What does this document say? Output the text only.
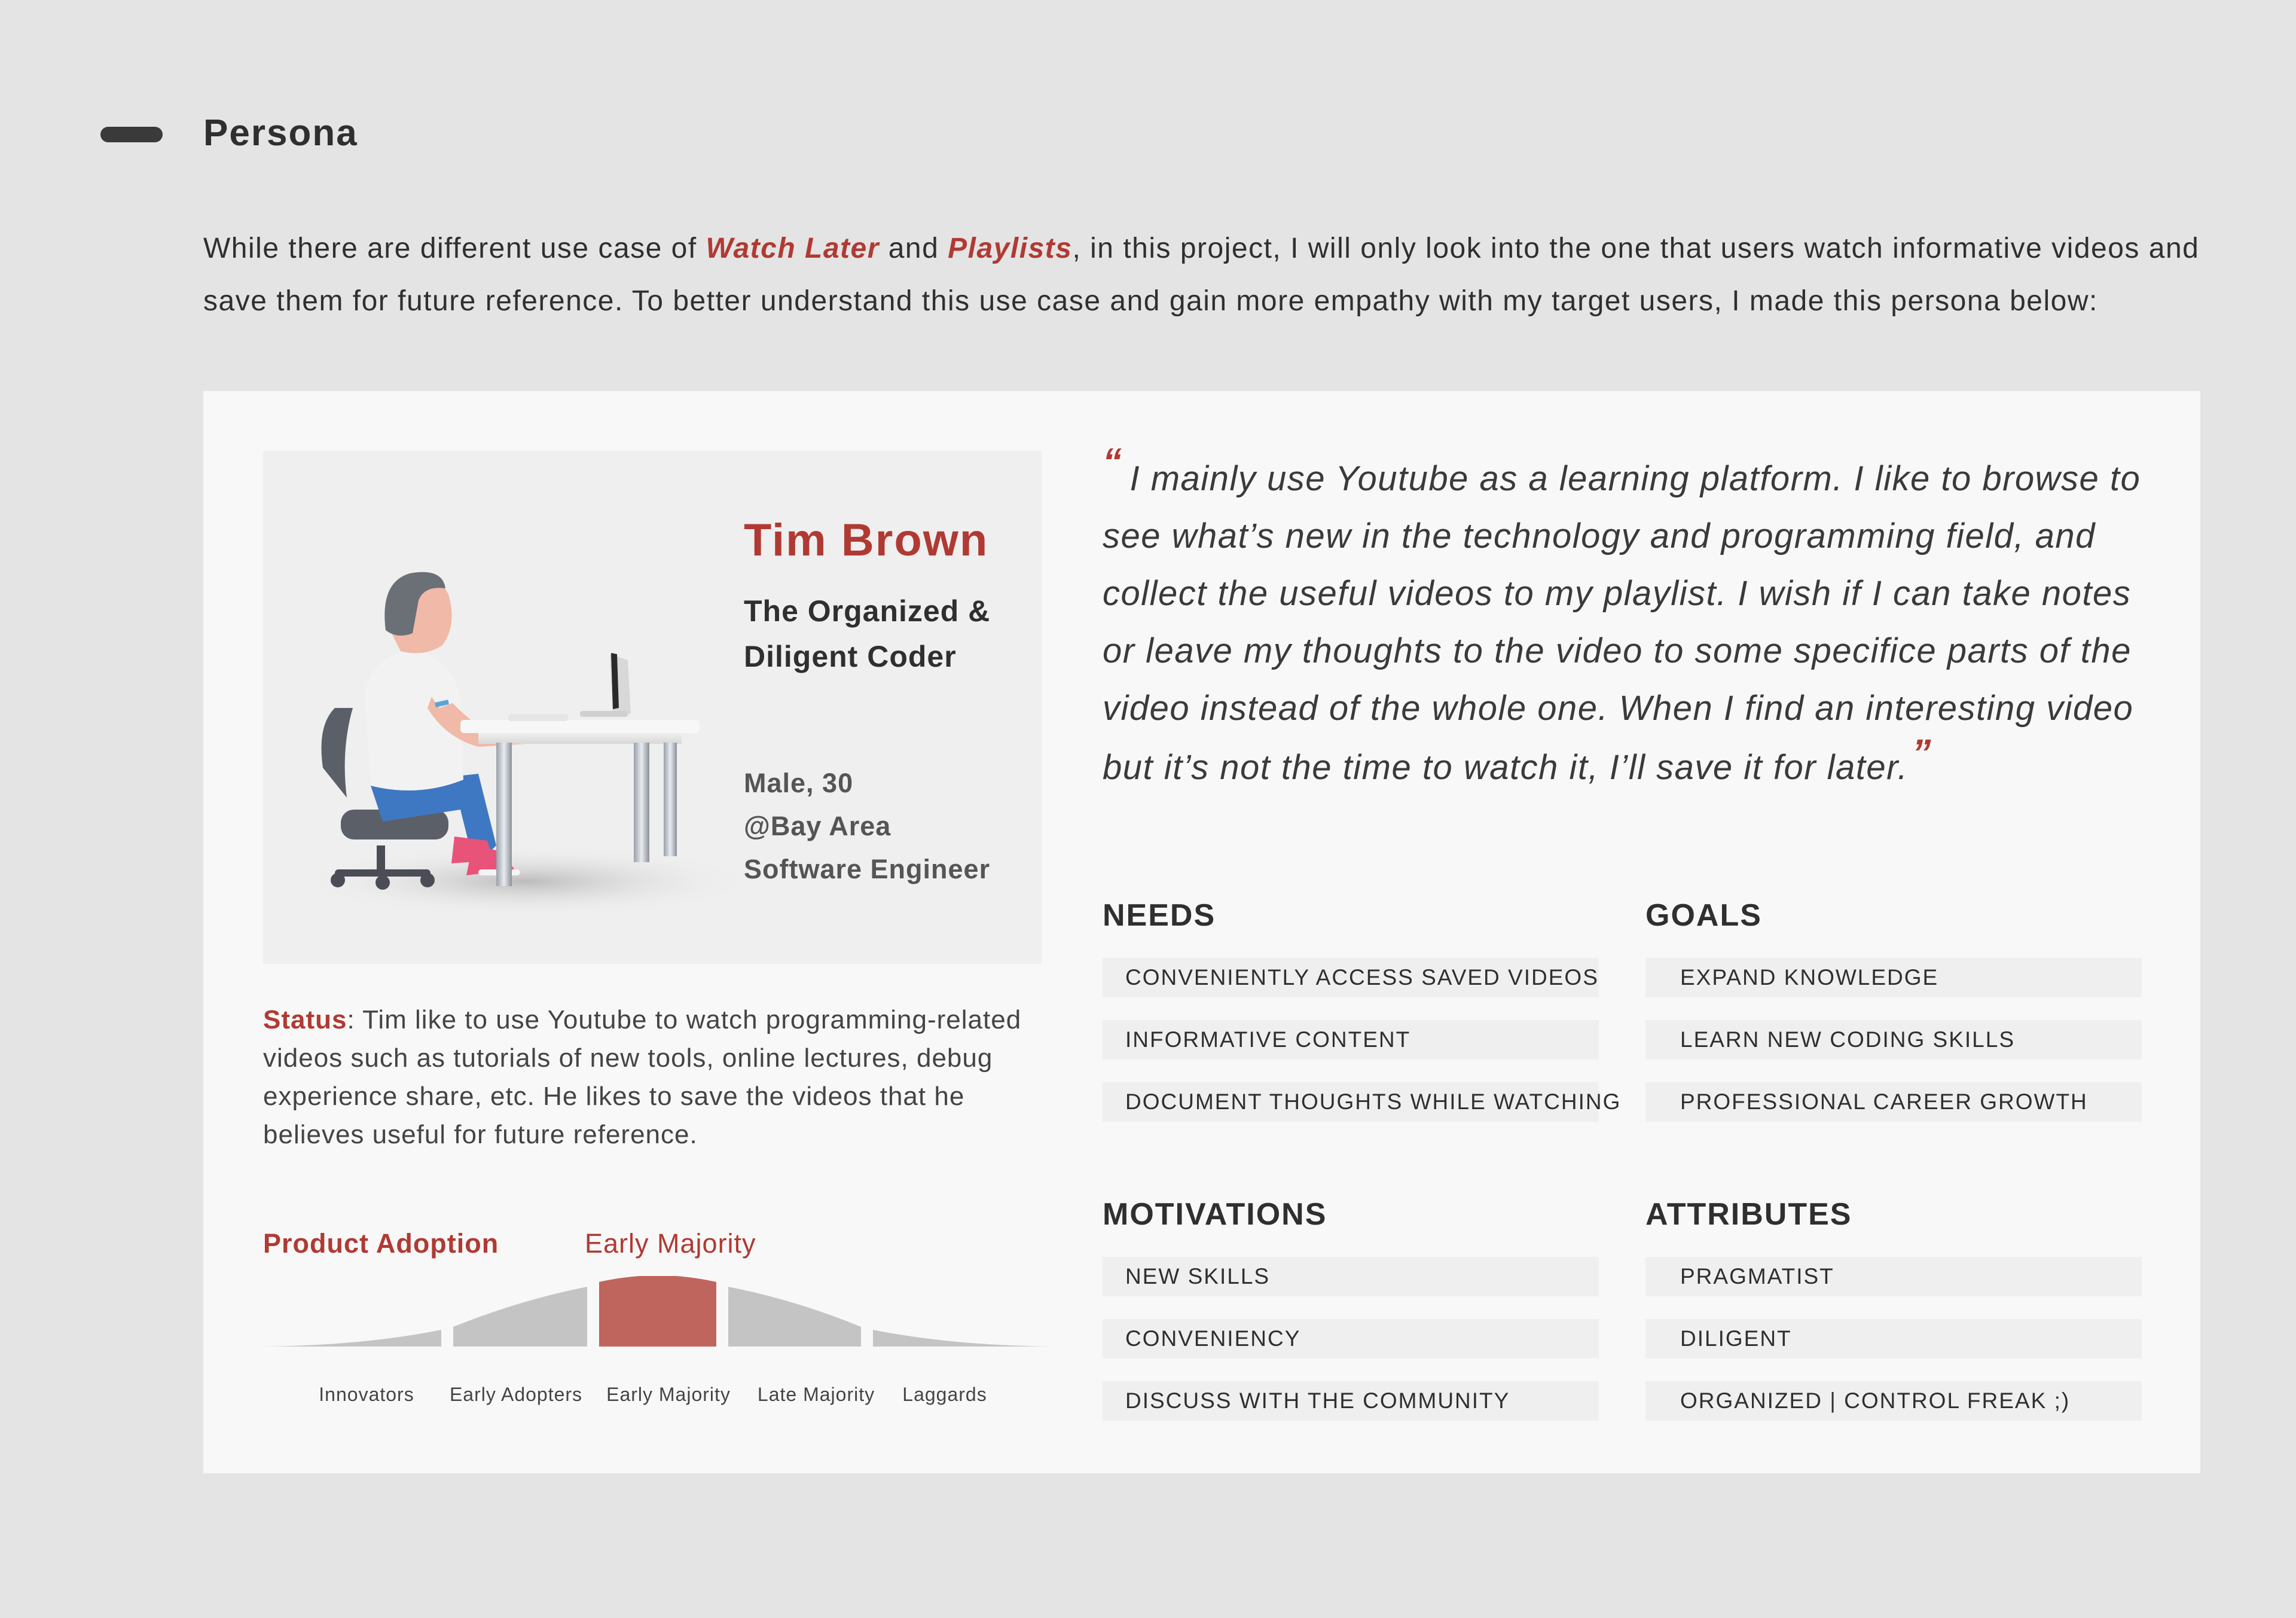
Persona
While there are different use case of Watch Later and Playlists, in this project, I will only look into the one that users watch informative videos and save them for future reference. To better understand this use case and gain more empathy with my target users, I made this persona below:
Tim Brown
The Organized &
Diligent Coder
Male, 30
@Bay Area
Software Engineer
Status: Tim like to use Youtube to watch programming-related videos such as tutorials of new tools, online lectures, debug experience share, etc. He likes to save the videos that he believes useful for future reference.
Product Adoption	Early Majority
Innovators Early Adopters Early Majority Late Majority Laggards
“ I mainly use Youtube as a learning platform. I like to browse to see what’s new in the technology and programming field, and collect the useful videos to my playlist. I wish if I can take notes or leave my thoughts to the video to some specifice parts of the video instead of the whole one. When I find an interesting video but it’s not the time to watch it, I’ll save it for later.”
NEEDS
CONVENIENTLY ACCESS SAVED VIDEOS
INFORMATIVE CONTENT
DOCUMENT THOUGHTS WHILE WATCHING
GOALS
EXPAND KNOWLEDGE
LEARN NEW CODING SKILLS
PROFESSIONAL CAREER GROWTH
MOTIVATIONS
NEW SKILLS
CONVENIENCY
DISCUSS WITH THE COMMUNITY
ATTRIBUTES
PRAGMATIST
DILIGENT
ORGANIZED | CONTROL FREAK ;)
